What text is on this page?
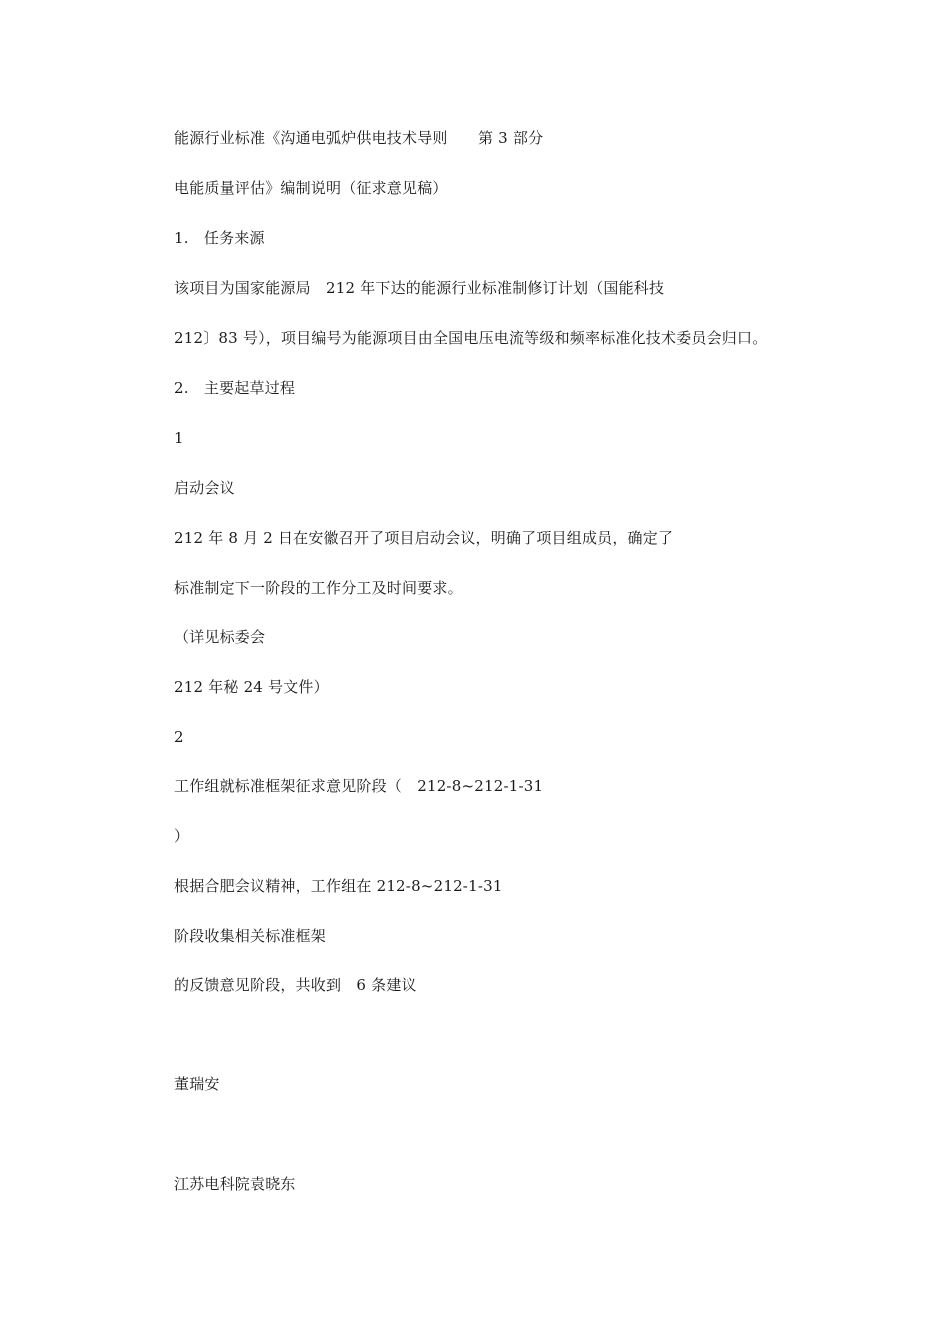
能源行业标准《沟通电弧炉供电技术导则　　第 3 部分
电能质量评估》编制说明（征求意见稿）
1.　任务来源
该项目为国家能源局　212 年下达的能源行业标准制修订计划（国能科技
212〕83 号），项目编号为能源项目由全国电压电流等级和频率标准化技术委员会归口。
2.　主要起草过程
1
启动会议
212 年 8 月 2 日在安徽召开了项目启动会议，明确了项目组成员，确定了
标准制定下一阶段的工作分工及时间要求。
（详见标委会
212 年秘 24 号文件）
2
工作组就标准框架征求意见阶段（　212-8~212-1-31
）
根据合肥会议精神，工作组在 212-8~212-1-31
阶段收集相关标准框架
的反馈意见阶段，共收到　6 条建议
董瑞安
江苏电科院袁晓东
